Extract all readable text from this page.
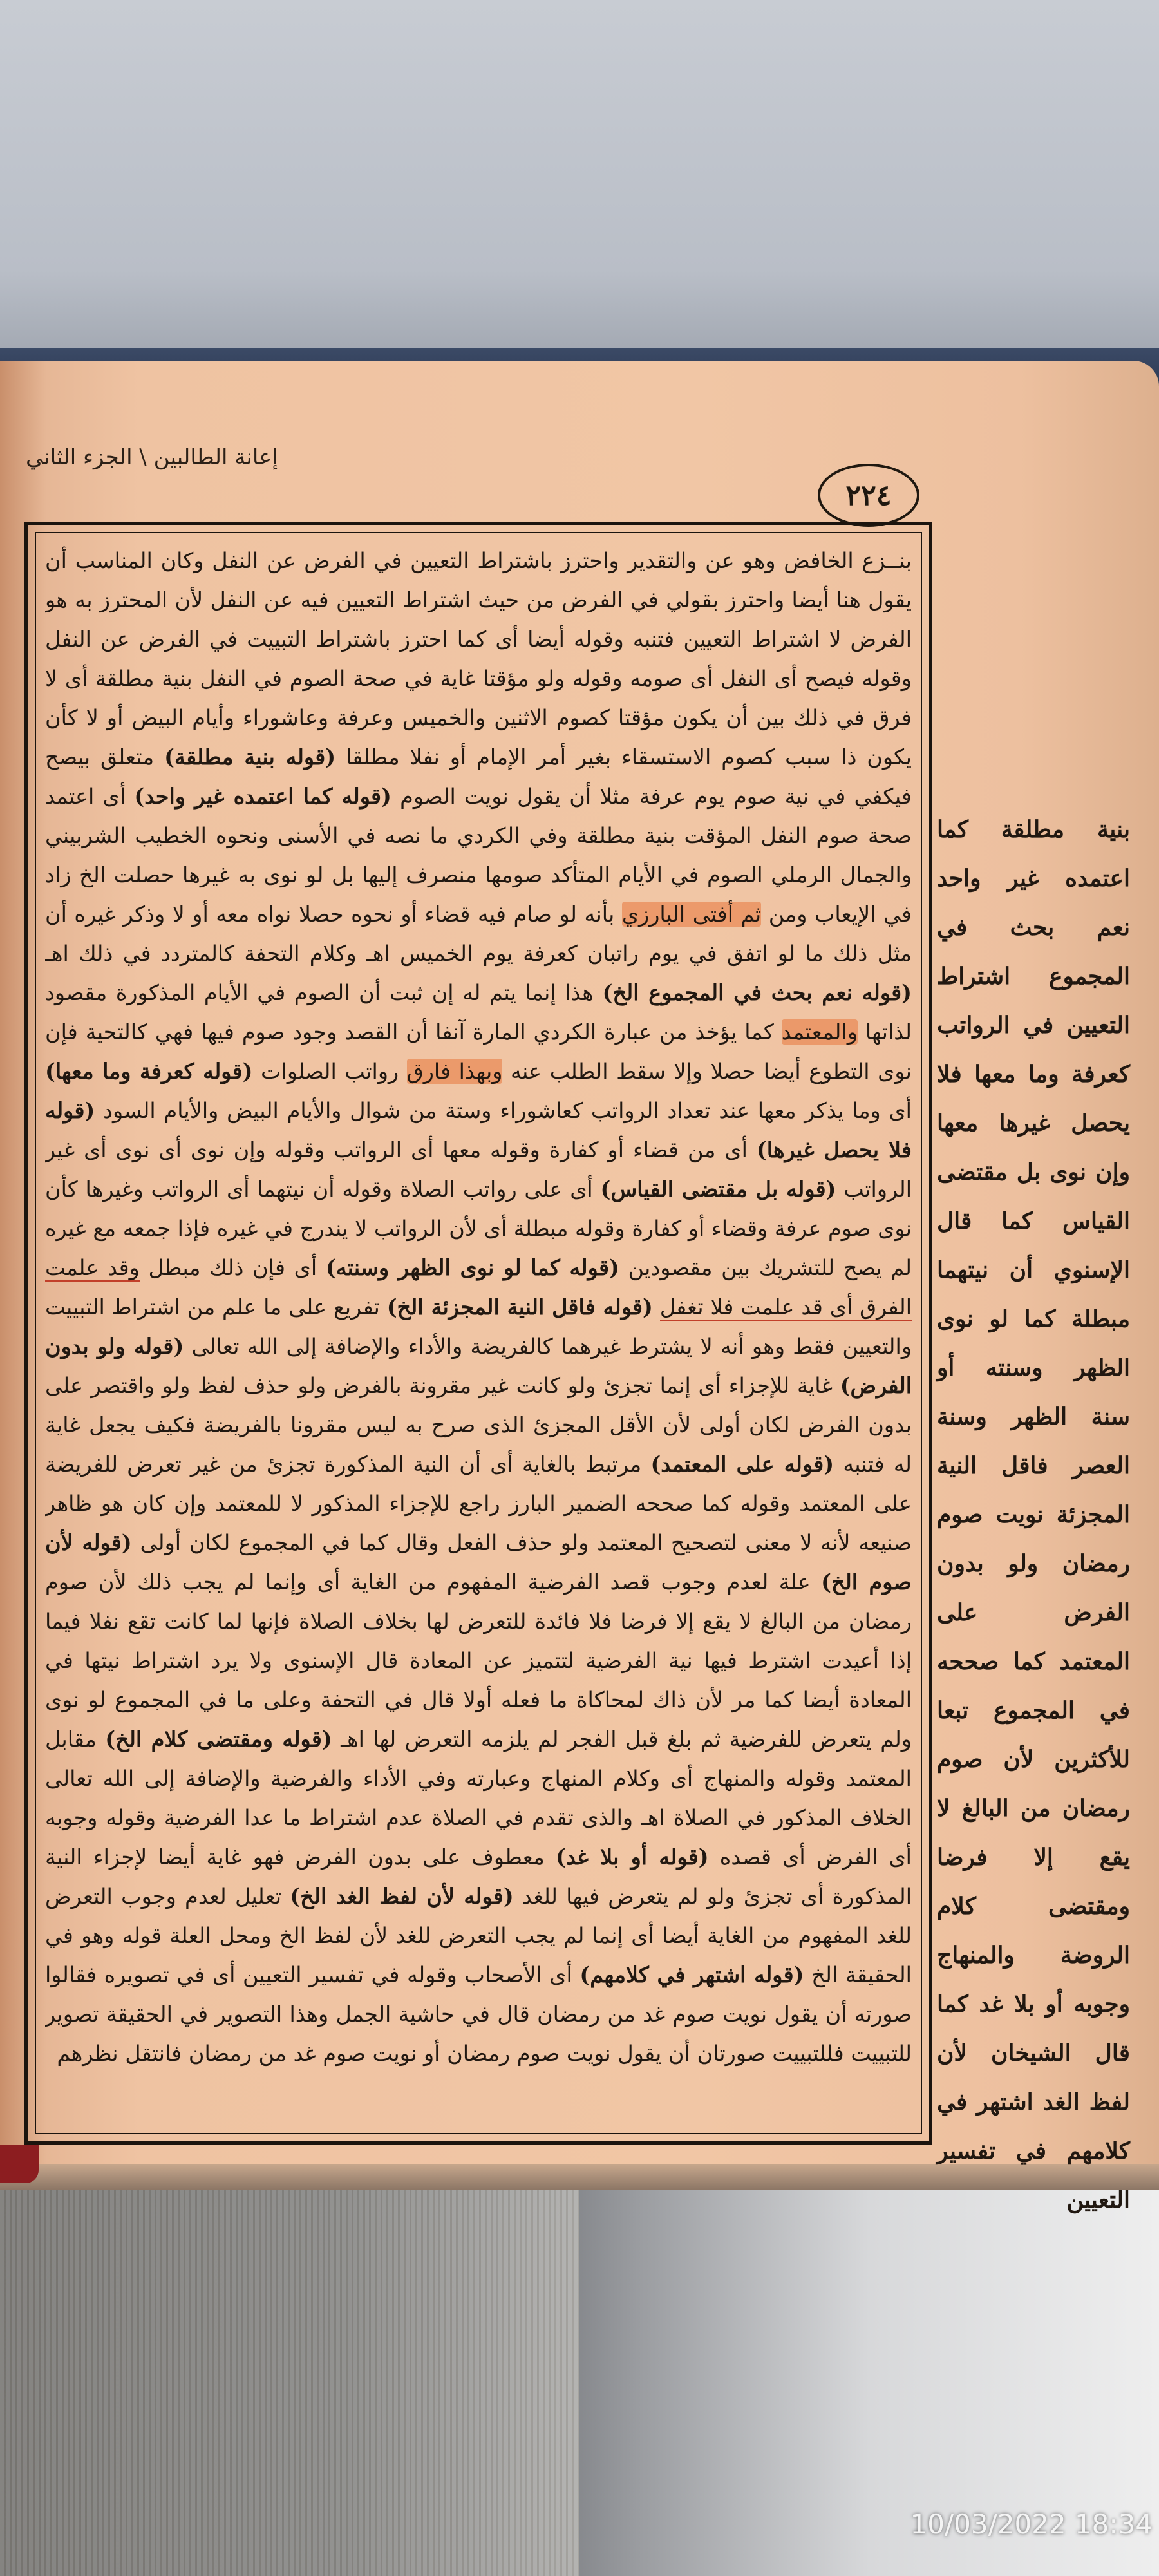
إعانة الطالبين \ الجزء الثاني
٢٢٤

بنــزع الخافض وهو عن والتقدير واحترز باشتراط التعيين في الفرض عن النفل وكان المناسب أن يقول هنا أيضا واحترز بقولي في الفرض من حيث اشتراط التعيين فيه عن النفل لأن المحترز به هو الفرض لا اشتراط التعيين فتنبه وقوله أيضا أى كما احترز باشتراط التبييت في الفرض عن النفل وقوله فيصح أى النفل أى صومه وقوله ولو مؤقتا غاية في صحة الصوم في النفل بنية مطلقة أى لا فرق في ذلك بين أن يكون مؤقتا كصوم الاثنين والخميس وعرفة وعاشوراء وأيام البيض أو لا كأن يكون ذا سبب كصوم الاستسقاء بغير أمر الإمام أو نفلا مطلقا (قوله بنية مطلقة) متعلق بيصح فيكفي في نية صوم يوم عرفة مثلا أن يقول نويت الصوم (قوله كما اعتمده غير واحد) أى اعتمد صحة صوم النفل المؤقت بنية مطلقة وفي الكردي ما نصه في الأسنى ونحوه الخطيب الشربيني والجمال الرملي الصوم في الأيام المتأكد صومها منصرف إليها بل لو نوى به غيرها حصلت الخ زاد في الإيعاب ومن ثم أفتى البارزي بأنه لو صام فيه قضاء أو نحوه حصلا نواه معه أو لا وذكر غيره أن مثل ذلك ما لو اتفق في يوم راتبان كعرفة يوم الخميس اهـ وكلام التحفة كالمتردد في ذلك اهـ (قوله نعم بحث في المجموع الخ) هذا إنما يتم له إن ثبت أن الصوم في الأيام المذكورة مقصود لذاتها والمعتمد كما يؤخذ من عبارة الكردي المارة آنفا أن القصد وجود صوم فيها فهي كالتحية فإن نوى التطوع أيضا حصلا وإلا سقط الطلب عنه وبهذا فارق رواتب الصلوات (قوله كعرفة وما معها) أى وما يذكر معها عند تعداد الرواتب كعاشوراء وستة من شوال والأيام البيض والأيام السود (قوله فلا يحصل غيرها) أى من قضاء أو كفارة وقوله معها أى الرواتب وقوله وإن نوى أى نوى أى غير الرواتب (قوله بل مقتضى القياس) أى على رواتب الصلاة وقوله أن نيتهما أى الرواتب وغيرها كأن نوى صوم عرفة وقضاء أو كفارة وقوله مبطلة أى لأن الرواتب لا يندرج في غيره فإذا جمعه مع غيره لم يصح للتشريك بين مقصودين (قوله كما لو نوى الظهر وسنته) أى فإن ذلك مبطل وقد علمت الفرق أى قد علمت فلا تغفل (قوله فاقل النية المجزئة الخ) تفريع على ما علم من اشتراط التبييت والتعيين فقط وهو أنه لا يشترط غيرهما كالفريضة والأداء والإضافة إلى الله تعالى (قوله ولو بدون الفرض) غاية للإجزاء أى إنما تجزئ ولو كانت غير مقرونة بالفرض ولو حذف لفظ ولو واقتصر على بدون الفرض لكان أولى لأن الأقل المجزئ الذى صرح به ليس مقرونا بالفريضة فكيف يجعل غاية له فتنبه (قوله على المعتمد) مرتبط بالغاية أى أن النية المذكورة تجزئ من غير تعرض للفريضة على المعتمد وقوله كما صححه الضمير البارز راجع للإجزاء المذكور لا للمعتمد وإن كان هو ظاهر صنيعه لأنه لا معنى لتصحيح المعتمد ولو حذف الفعل وقال كما في المجموع لكان أولى (قوله لأن صوم الخ) علة لعدم وجوب قصد الفرضية المفهوم من الغاية أى وإنما لم يجب ذلك لأن صوم رمضان من البالغ لا يقع إلا فرضا فلا فائدة للتعرض لها بخلاف الصلاة فإنها لما كانت تقع نفلا فيما إذا أعيدت اشترط فيها نية الفرضية لتتميز عن المعادة قال الإسنوى ولا يرد اشتراط نيتها في المعادة أيضا كما مر لأن ذاك لمحاكاة ما فعله أولا قال في التحفة وعلى ما في المجموع لو نوى ولم يتعرض للفرضية ثم بلغ قبل الفجر لم يلزمه التعرض لها اهـ (قوله ومقتضى كلام الخ) مقابل المعتمد وقوله والمنهاج أى وكلام المنهاج وعبارته وفي الأداء والفرضية والإضافة إلى الله تعالى الخلاف المذكور في الصلاة اهـ والذى تقدم في الصلاة عدم اشتراط ما عدا الفرضية وقوله وجوبه أى الفرض أى قصده (قوله أو بلا غد) معطوف على بدون الفرض فهو غاية أيضا لإجزاء النية المذكورة أى تجزئ ولو لم يتعرض فيها للغد (قوله لأن لفظ الغد الخ) تعليل لعدم وجوب التعرض للغد المفهوم من الغاية أيضا أى إنما لم يجب التعرض للغد لأن لفظ الخ ومحل العلة قوله وهو في الحقيقة الخ (قوله اشتهر في كلامهم) أى الأصحاب وقوله في تفسير التعيين أى في تصويره فقالوا صورته أن يقول نويت صوم غد من رمضان قال في حاشية الجمل وهذا التصوير في الحقيقة تصوير للتبييت فللتبييت صورتان أن يقول نويت صوم رمضان أو نويت صوم غد من رمضان فانتقل نظرهم

بنية مطلقة كما اعتمده غير واحد نعم بحث في المجموع اشتراط التعيين في الرواتب كعرفة وما معها فلا يحصل غيرها معها وإن نوى بل مقتضى القياس كما قال الإسنوي أن نيتهما مبطلة كما لو نوى الظهر وسنته أو سنة الظهر وسنة العصر فاقل النية المجزئة نويت صوم رمضان ولو بدون الفرض على المعتمد كما صححه في المجموع تبعا للأكثرين لأن صوم رمضان من البالغ لا يقع إلا فرضا ومقتضى كلام الروضة والمنهاج وجوبه أو بلا غد كما قال الشيخان لأن لفظ الغد اشتهر في كلامهم في تفسير التعيين
10/03/2022 18:34
